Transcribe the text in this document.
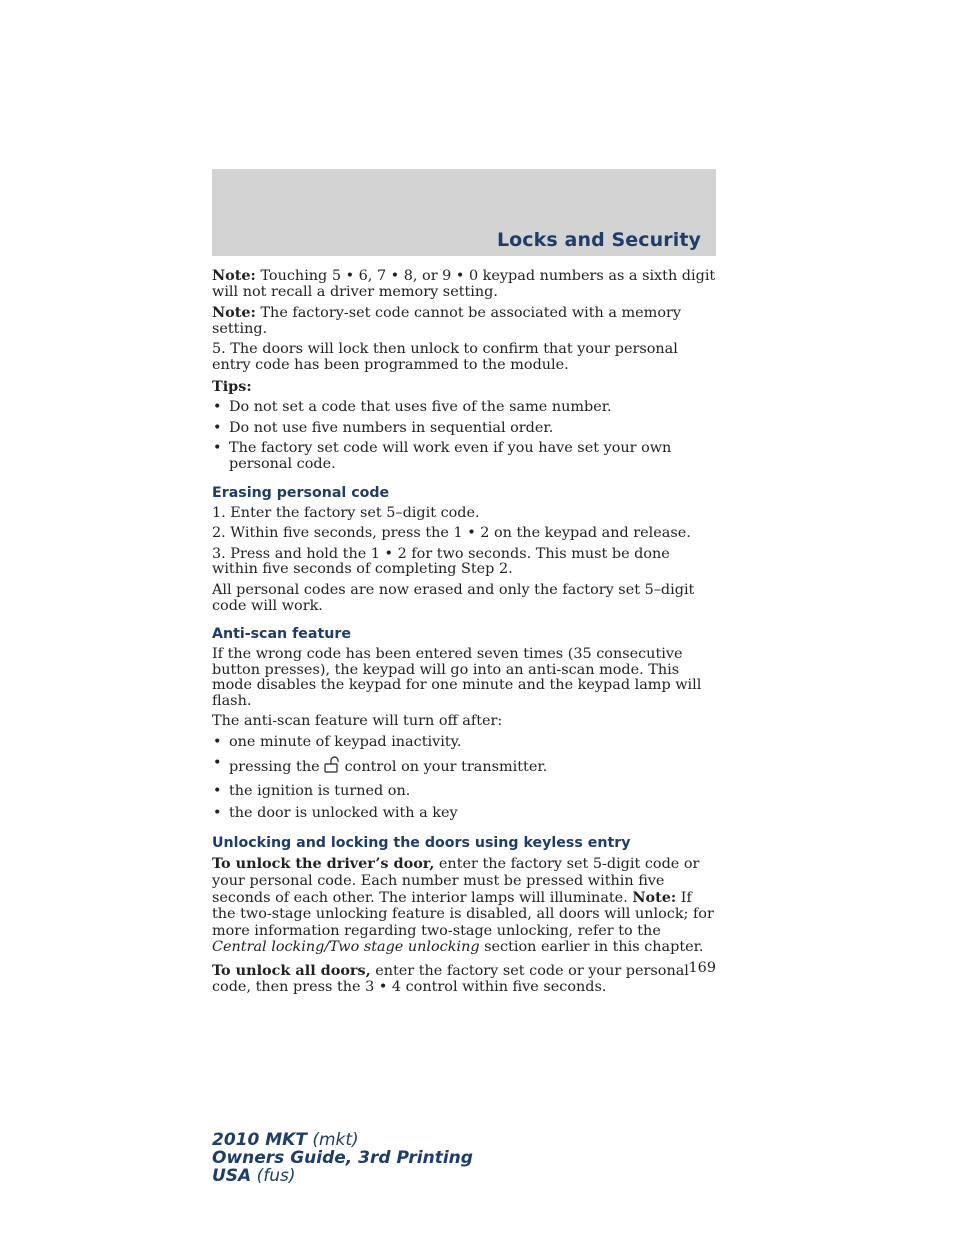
Locks and Security

Note: Touching 5 • 6, 7 • 8, or 9 • 0 keypad numbers as a sixth digit will not recall a driver memory setting.

Note: The factory-set code cannot be associated with a memory setting.

5. The doors will lock then unlock to confirm that your personal entry code has been programmed to the module.

Tips:

• Do not set a code that uses five of the same number.
• Do not use five numbers in sequential order.
• The factory set code will work even if you have set your own personal code.
Erasing personal code

1. Enter the factory set 5–digit code.

2. Within five seconds, press the 1 • 2 on the keypad and release.

3. Press and hold the 1 • 2 for two seconds. This must be done within five seconds of completing Step 2.

All personal codes are now erased and only the factory set 5–digit code will work.

Anti-scan feature

If the wrong code has been entered seven times (35 consecutive button presses), the keypad will go into an anti-scan mode. This mode disables the keypad for one minute and the keypad lamp will flash.

The anti-scan feature will turn off after:

• one minute of keypad inactivity.
• pressing the control on your transmitter.
• the ignition is turned on.
• the door is unlocked with a key
Unlocking and locking the doors using keyless entry

To unlock the driver’s door, enter the factory set 5-digit code or your personal code. Each number must be pressed within five seconds of each other. The interior lamps will illuminate. Note: If the two-stage unlocking feature is disabled, all doors will unlock; for more information regarding two-stage unlocking, refer to the Central locking/Two stage unlocking section earlier in this chapter.

To unlock all doors, enter the factory set code or your personal code, then press the 3 • 4 control within five seconds.

169
2010 MKT (mkt)
Owners Guide, 3rd Printing
USA (fus)
